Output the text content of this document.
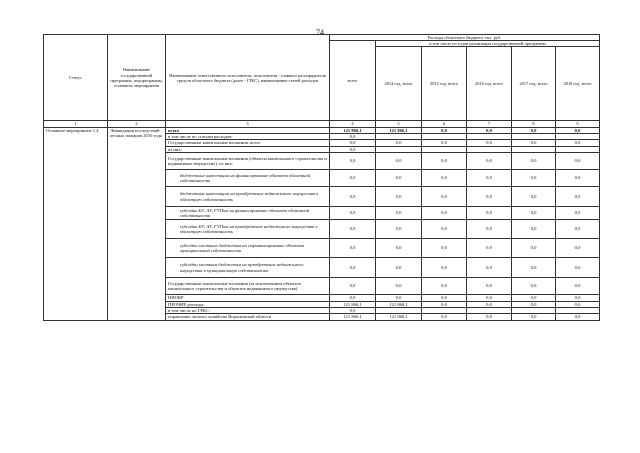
74
Статус	Наименование государственной программы, подпрограммы, основного мероприятия	Наименование ответственного исполнителя, исполнителя - главного распорядителя средств областного бюджета (далее - ГРБС), наименование статей расходов	Расходы областного бюджета, тыс. руб.					
			всего	в том числе по годам реализации государственной программы				
				2014 год, всего	2015 год, всего	2016 год, всего	2017 год, всего	2018 год, всего
1	2	3	4	5	6	7	8	9
Основное мероприятие 1.4	Ликвидация последствий лесных пожаров 2010 года	всего	121 866,1	121 866,1	0,0	0,0	0,0	0,0
		в том числе по статьям расходов:	0,0					
		Государственные капитальные вложения, всего	0,0	0,0	0,0	0,0	0,0	0,0
		из них:	0,0					
		Государственные капитальные вложения (объекты капитального строительства и недвижимое имущество), из них:	0,0	0,0	0,0	0,0	0,0	0,0
		бюджетные инвестиции на финансирование объектов областной собственности	0,0	0,0	0,0	0,0	0,0	0,0
		бюджетные инвестиции на приобретение недвижимого имущества в областную собственность	0,0	0,0	0,0	0,0	0,0	0,0
		субсидии БУ, АУ, ГУПам на финансирование объектов областной собственности	0,0	0,0	0,0	0,0	0,0	0,0
		субсидии БУ, АУ, ГУПам на приобретение недвижимого имущества в областную собственность	0,0	0,0	0,0	0,0	0,0	0,0
		субсидии местным бюджетам на софинансирование объектов муниципальной собственности	0,0	0,0	0,0	0,0	0,0	0,0
		субсидии местным бюджетам на приобретение недвижимого имущества в муниципальную собственность	0,0	0,0	0,0	0,0	0,0	0,0
		Государственные капитальные вложения (за исключением объектов капитального строительства и объектов недвижимого имущества)	0,0	0,0	0,0	0,0	0,0	0,0
		НИОКР	0,0	0,0	0,0	0,0	0,0	0,0
		ПРОЧИЕ расходы	121 866,1	121 866,1	0,0	0,0	0,0	0,0
		в том числе по ГРБС:	0,0					
		управление лесного хозяйства Воронежской области	121 866,1	121 866,1	0,0	0,0	0,0	0,0
